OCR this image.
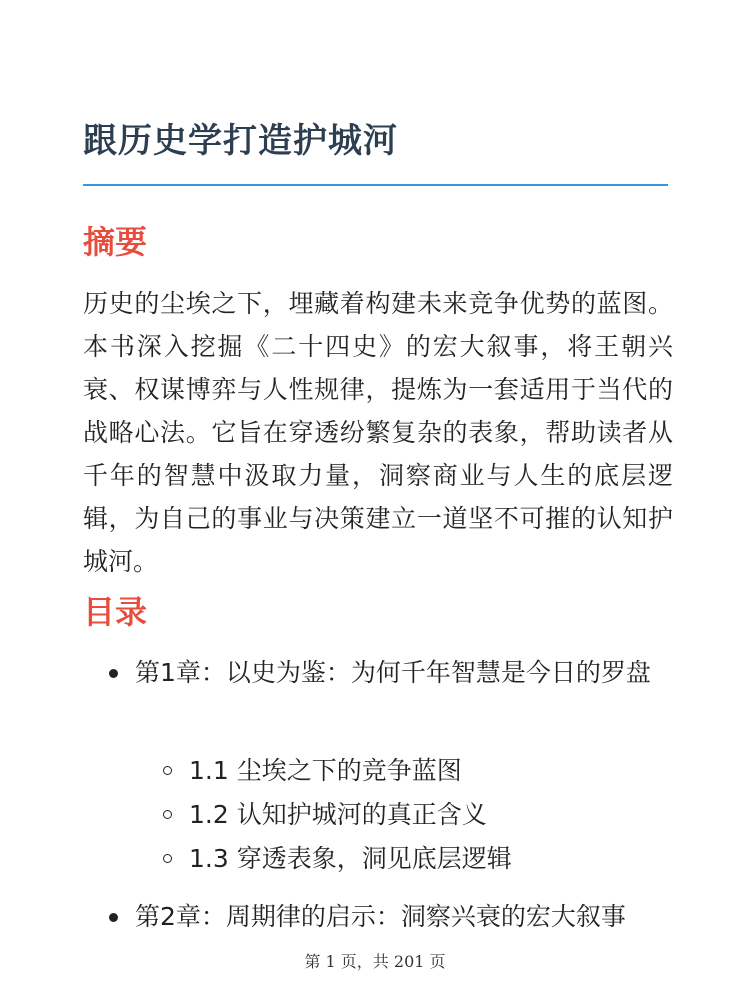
跟历史学打造护城河
摘要

历史的尘埃之下，埋藏着构建未来竞争优势的蓝图。本书深入挖掘《二十四史》的宏大叙事，将王朝兴衰、权谋博弈与人性规律，提炼为一套适用于当代的战略心法。它旨在穿透纷繁复杂的表象，帮助读者从千年的智慧中汲取力量，洞察商业与人生的底层逻辑，为自己的事业与决策建立一道坚不可摧的认知护城河。

目录
第1章：以史为鉴：为何千年智慧是今日的罗盘
1.1 尘埃之下的竞争蓝图
1.2 认知护城河的真正含义
1.3 穿透表象，洞见底层逻辑
第2章：周期律的启示：洞察兴衰的宏大叙事
第 1 页，共 201 页
